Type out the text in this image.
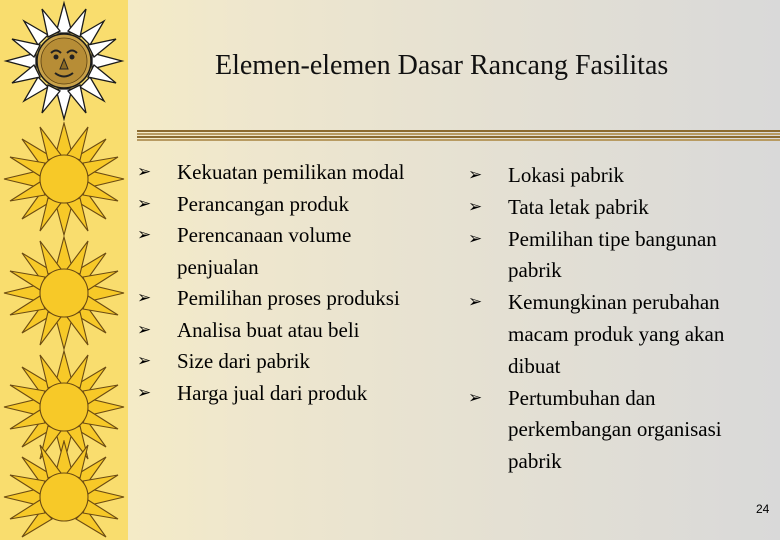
Elemen-elemen Dasar Rancang Fasilitas
➢	Kekuatan pemilikan modal
➢	Perancangan produk
➢	Perencanaan volume penjualan
➢	Pemilihan proses produksi
➢	Analisa buat atau beli
➢	Size dari pabrik
➢	Harga jual dari produk
➢	Lokasi pabrik
➢	Tata letak pabrik
➢	Pemilihan tipe bangunan pabrik
➢	Kemungkinan perubahan macam produk yang akan dibuat
➢	Pertumbuhan dan perkembangan organisasi pabrik
24
